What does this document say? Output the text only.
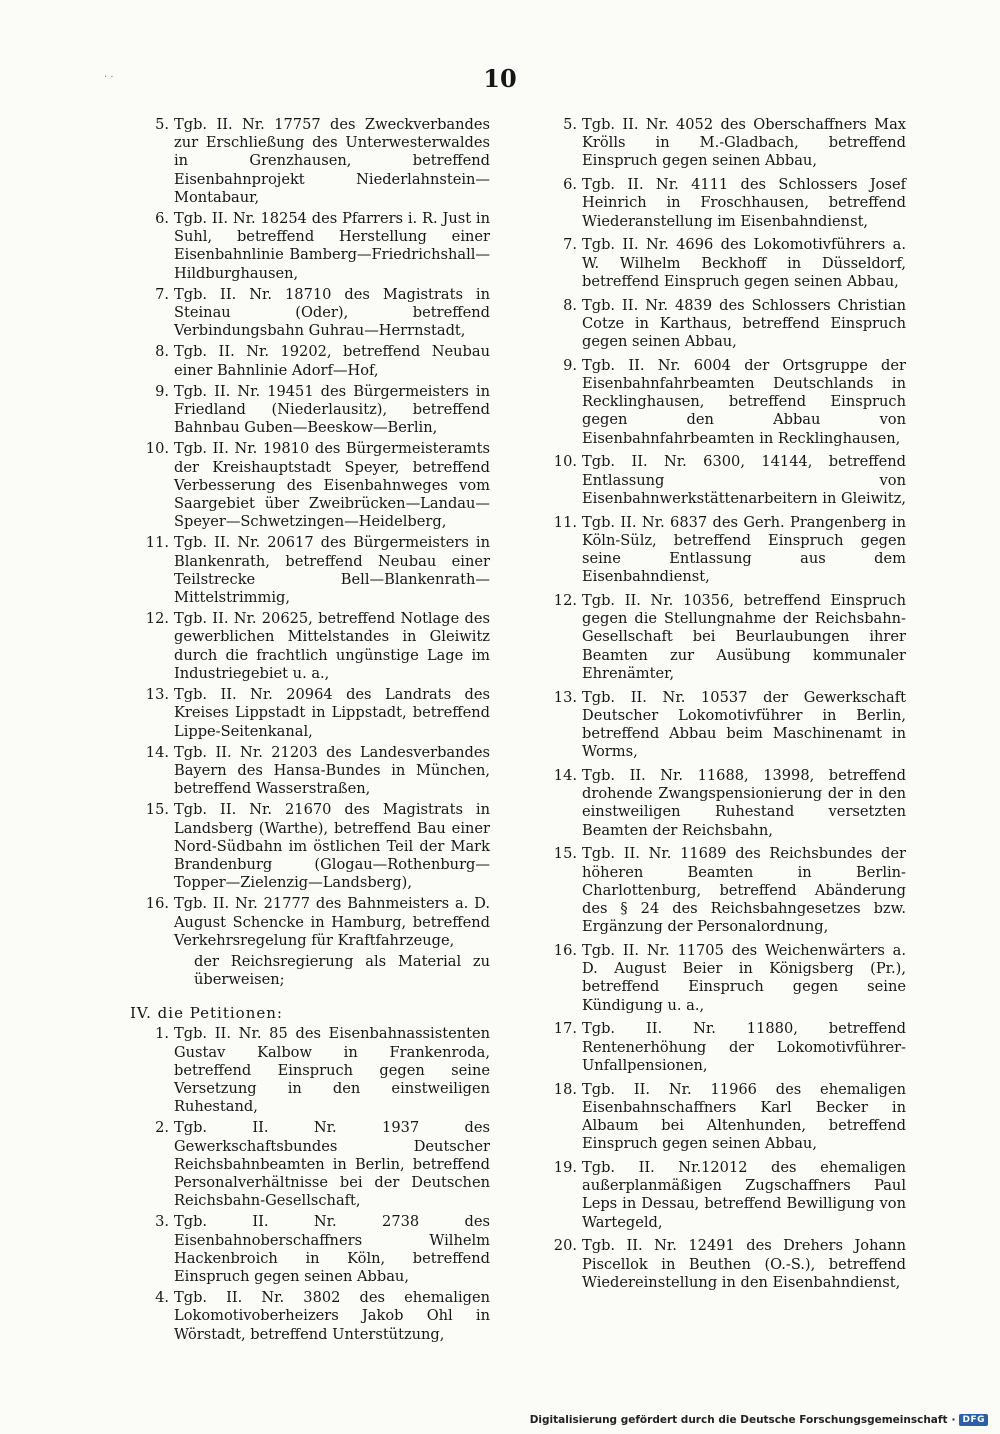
10
· ·
5. Tgb. II. Nr. 17757 des Zweckverbandes zur Erschließung des Unterwesterwaldes in Grenzhausen, betreffend Eisenbahnprojekt Niederlahnstein—Montabaur,
6. Tgb. II. Nr. 18254 des Pfarrers i. R. Just in Suhl, betreffend Herstellung einer Eisenbahnlinie Bamberg—Friedrichshall—Hildburghausen,
7. Tgb. II. Nr. 18710 des Magistrats in Steinau (Oder), betreffend Verbindungsbahn Guhrau—Herrnstadt,
8. Tgb. II. Nr. 19202, betreffend Neubau einer Bahnlinie Adorf—Hof,
9. Tgb. II. Nr. 19451 des Bürgermeisters in Friedland (Niederlausitz), betreffend Bahnbau Guben—Beeskow—Berlin,
10. Tgb. II. Nr. 19810 des Bürgermeisteramts der Kreishauptstadt Speyer, betreffend Verbesserung des Eisenbahnweges vom Saargebiet über Zweibrücken—Landau—Speyer—Schwetzingen—Heidelberg,
11. Tgb. II. Nr. 20617 des Bürgermeisters in Blankenrath, betreffend Neubau einer Teilstrecke Bell—Blankenrath—Mittelstrimmig,
12. Tgb. II. Nr. 20625, betreffend Notlage des gewerblichen Mittelstandes in Gleiwitz durch die frachtlich ungünstige Lage im Industriegebiet u. a.,
13. Tgb. II. Nr. 20964 des Landrats des Kreises Lippstadt in Lippstadt, betreffend Lippe-Seitenkanal,
14. Tgb. II. Nr. 21203 des Landesverbandes Bayern des Hansa-Bundes in München, betreffend Wasserstraßen,
15. Tgb. II. Nr. 21670 des Magistrats in Landsberg (Warthe), betreffend Bau einer Nord-Südbahn im östlichen Teil der Mark Brandenburg (Glogau—Rothenburg—Topper—Zielenzig—Landsberg),
16. Tgb. II. Nr. 21777 des Bahnmeisters a. D. August Schencke in Hamburg, betreffend Verkehrsregelung für Kraftfahrzeuge,
der Reichsregierung als Material zu überweisen;
IV. die Petitionen:
1. Tgb. II. Nr. 85 des Eisenbahnassistenten Gustav Kalbow in Frankenroda, betreffend Einspruch gegen seine Versetzung in den einstweiligen Ruhestand,
2. Tgb. II. Nr. 1937 des Gewerkschaftsbundes Deutscher Reichsbahnbeamten in Berlin, betreffend Personalverhältnisse bei der Deutschen Reichsbahn-Gesellschaft,
3. Tgb. II. Nr. 2738 des Eisenbahnoberschaffners Wilhelm Hackenbroich in Köln, betreffend Einspruch gegen seinen Abbau,
4. Tgb. II. Nr. 3802 des ehemaligen Lokomotivoberheizers Jakob Ohl in Wörstadt, betreffend Unterstützung,
5. Tgb. II. Nr. 4052 des Oberschaffners Max Krölls in M.-Gladbach, betreffend Einspruch gegen seinen Abbau,
6. Tgb. II. Nr. 4111 des Schlossers Josef Heinrich in Froschhausen, betreffend Wiederanstellung im Eisenbahndienst,
7. Tgb. II. Nr. 4696 des Lokomotivführers a. W. Wilhelm Beckhoff in Düsseldorf, betreffend Einspruch gegen seinen Abbau,
8. Tgb. II. Nr. 4839 des Schlossers Christian Cotze in Karthaus, betreffend Einspruch gegen seinen Abbau,
9. Tgb. II. Nr. 6004 der Ortsgruppe der Eisenbahnfahrbeamten Deutschlands in Recklinghausen, betreffend Einspruch gegen den Abbau von Eisenbahnfahrbeamten in Recklinghausen,
10. Tgb. II. Nr. 6300, 14144, betreffend Entlassung von Eisenbahnwerkstättenarbeitern in Gleiwitz,
11. Tgb. II. Nr. 6837 des Gerh. Prangenberg in Köln-Sülz, betreffend Einspruch gegen seine Entlassung aus dem Eisenbahndienst,
12. Tgb. II. Nr. 10356, betreffend Einspruch gegen die Stellungnahme der Reichsbahn-Gesellschaft bei Beurlaubungen ihrer Beamten zur Ausübung kommunaler Ehrenämter,
13. Tgb. II. Nr. 10537 der Gewerkschaft Deutscher Lokomotivführer in Berlin, betreffend Abbau beim Maschinenamt in Worms,
14. Tgb. II. Nr. 11688, 13998, betreffend drohende Zwangspensionierung der in den einstweiligen Ruhestand versetzten Beamten der Reichsbahn,
15. Tgb. II. Nr. 11689 des Reichsbundes der höheren Beamten in Berlin-Charlottenburg, betreffend Abänderung des § 24 des Reichsbahngesetzes bzw. Ergänzung der Personalordnung,
16. Tgb. II. Nr. 11705 des Weichenwärters a. D. August Beier in Königsberg (Pr.), betreffend Einspruch gegen seine Kündigung u. a.,
17. Tgb. II. Nr. 11880, betreffend Rentenerhöhung der Lokomotivführer-Unfallpensionen,
18. Tgb. II. Nr. 11966 des ehemaligen Eisenbahnschaffners Karl Becker in Albaum bei Altenhunden, betreffend Einspruch gegen seinen Abbau,
19. Tgb. II. Nr.12012 des ehemaligen außerplanmäßigen Zugschaffners Paul Leps in Dessau, betreffend Bewilligung von Wartegeld,
20. Tgb. II. Nr. 12491 des Drehers Johann Piscellok in Beuthen (O.-S.), betreffend Wiedereinstellung in den Eisenbahndienst,
Digitalisierung gefördert durch die Deutsche Forschungsgemeinschaft · DFG
